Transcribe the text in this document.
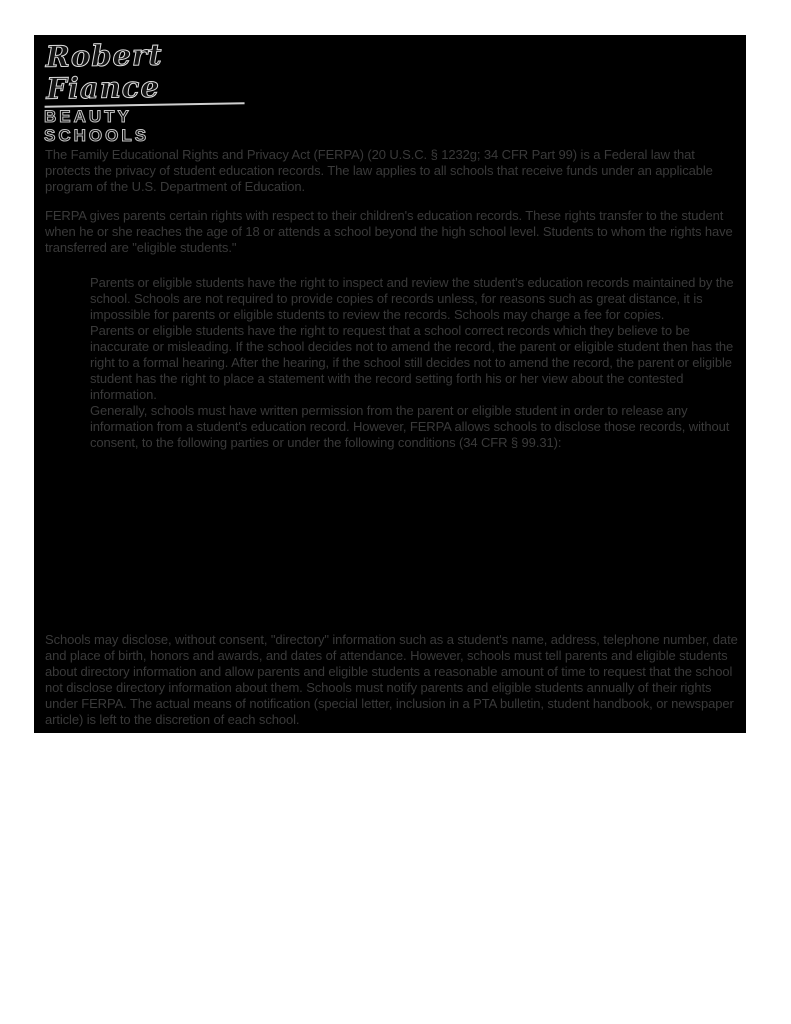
Robert Fiance
BEAUTY SCHOOLS

The Family Educational Rights and Privacy Act (FERPA) (20 U.S.C. § 1232g; 34 CFR Part 99) is a Federal law that protects the privacy of student education records. The law applies to all schools that receive funds under an applicable program of the U.S. Department of Education.

FERPA gives parents certain rights with respect to their children's education records. These rights transfer to the student when he or she reaches the age of 18 or attends a school beyond the high school level. Students to whom the rights have transferred are "eligible students."

Parents or eligible students have the right to inspect and review the student's education records maintained by the school. Schools are not required to provide copies of records unless, for reasons such as great distance, it is impossible for parents or eligible students to review the records. Schools may charge a fee for copies.

Parents or eligible students have the right to request that a school correct records which they believe to be inaccurate or misleading. If the school decides not to amend the record, the parent or eligible student then has the right to a formal hearing. After the hearing, if the school still decides not to amend the record, the parent or eligible student has the right to place a statement with the record setting forth his or her view about the contested information.

Generally, schools must have written permission from the parent or eligible student in order to release any information from a student's education record. However, FERPA allows schools to disclose those records, without consent, to the following parties or under the following conditions (34 CFR § 99.31):

Schools may disclose, without consent, "directory" information such as a student's name, address, telephone number, date and place of birth, honors and awards, and dates of attendance. However, schools must tell parents and eligible students about directory information and allow parents and eligible students a reasonable amount of time to request that the school not disclose directory information about them. Schools must notify parents and eligible students annually of their rights under FERPA. The actual means of notification (special letter, inclusion in a PTA bulletin, student handbook, or newspaper article) is left to the discretion of each school.
